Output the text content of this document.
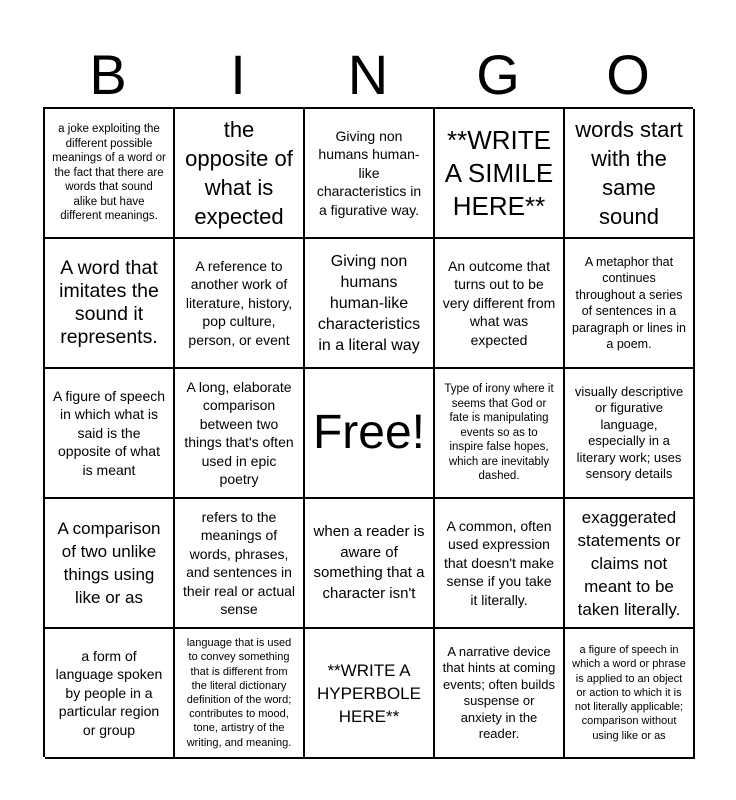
B	I	N	G	O
a joke exploiting the different possible meanings of a word or the fact that there are words that sound alike but have different meanings.
the opposite of what is expected
Giving non humans human-like characteristics in a figurative way.
**WRITE A SIMILE HERE**
words start with the same sound
A word that imitates the sound it represents.
A reference to another work of literature, history, pop culture, person, or event
Giving non humans human-like characteristics in a literal way
An outcome that turns out to be very different from what was expected
A metaphor that continues throughout a series of sentences in a paragraph or lines in a poem.
A figure of speech in which what is said is the opposite of what is meant
A long, elaborate comparison between two things that's often used in epic poetry
Free!
Type of irony where it seems that God or fate is manipulating events so as to inspire false hopes, which are inevitably dashed.
visually descriptive or figurative language, especially in a literary work; uses sensory details
A comparison of two unlike things using like or as
refers to the meanings of words, phrases, and sentences in their real or actual sense
when a reader is aware of something that a character isn't
A common, often used expression that doesn't make sense if you take it literally.
exaggerated statements or claims not meant to be taken literally.
a form of language spoken by people in a particular region or group
language that is used to convey something that is different from the literal dictionary definition of the word; contributes to mood, tone, artistry of the writing, and meaning.
**WRITE A HYPERBOLE HERE**
A narrative device that hints at coming events; often builds suspense or anxiety in the reader.
a figure of speech in which a word or phrase is applied to an object or action to which it is not literally applicable; comparison without using like or as
